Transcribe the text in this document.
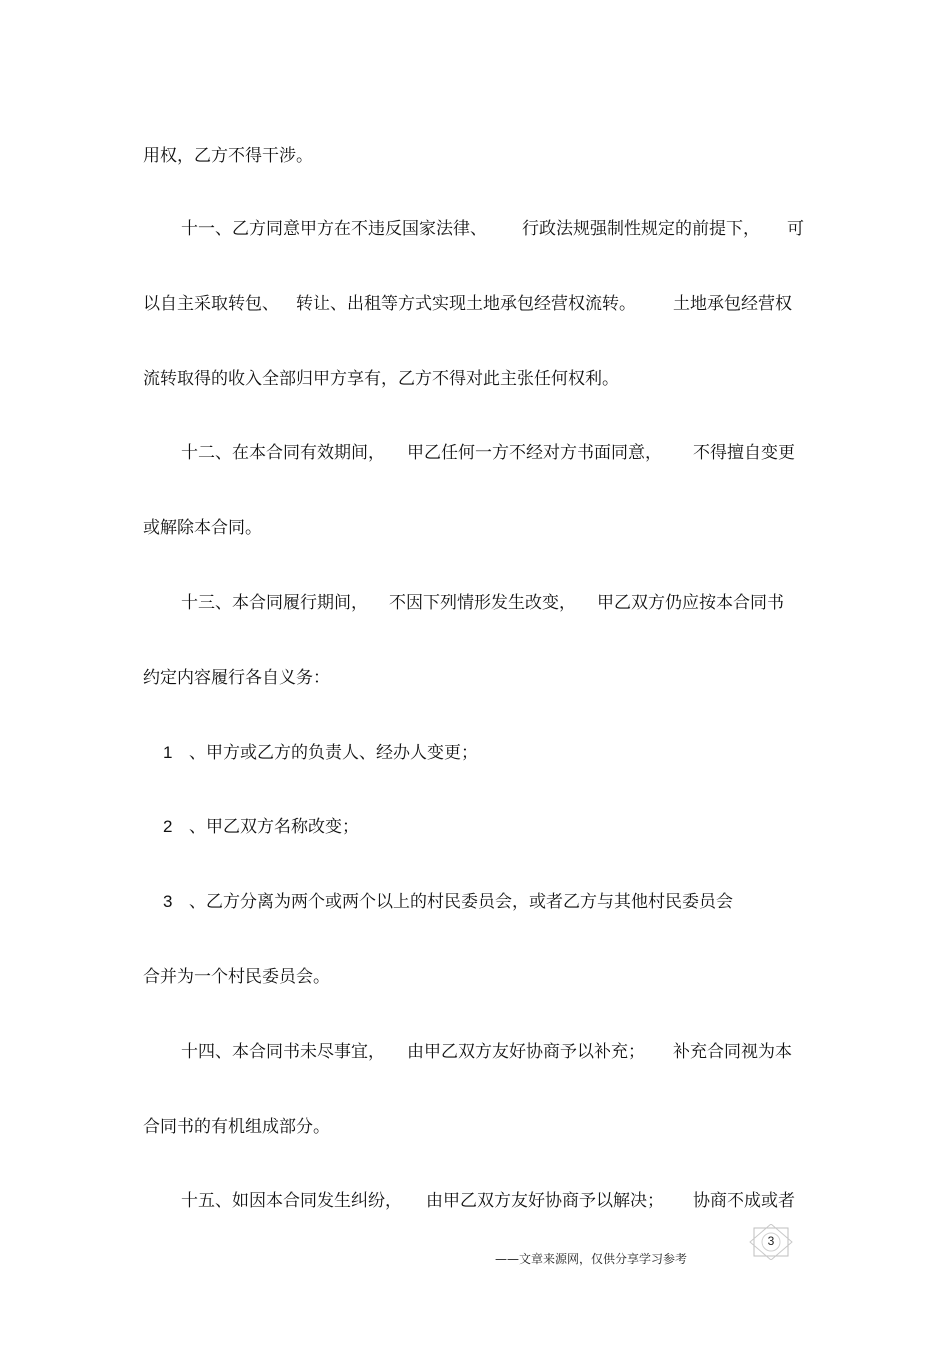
用权，乙方不得干涉。
十一、乙方同意甲方在不违反国家法律、 行政法规强制性规定的前提下， 可
以自主采取转包、 转让、出租等方式实现土地承包经营权流转。 土地承包经营权
流转取得的收入全部归甲方享有，乙方不得对此主张任何权利。
十二、在本合同有效期间， 甲乙任何一方不经对方书面同意， 不得擅自变更
或解除本合同。
十三、本合同履行期间， 不因下列情形发生改变， 甲乙双方仍应按本合同书
约定内容履行各自义务：
1 、甲方或乙方的负责人、经办人变更；
2 、甲乙双方名称改变；
3 、乙方分离为两个或两个以上的村民委员会，或者乙方与其他村民委员会
合并为一个村民委员会。
十四、本合同书未尽事宜， 由甲乙双方友好协商予以补充； 补充合同视为本
合同书的有机组成部分。
十五、如因本合同发生纠纷， 由甲乙双方友好协商予以解决； 协商不成或者
3
——文章来源网，仅供分享学习参考
